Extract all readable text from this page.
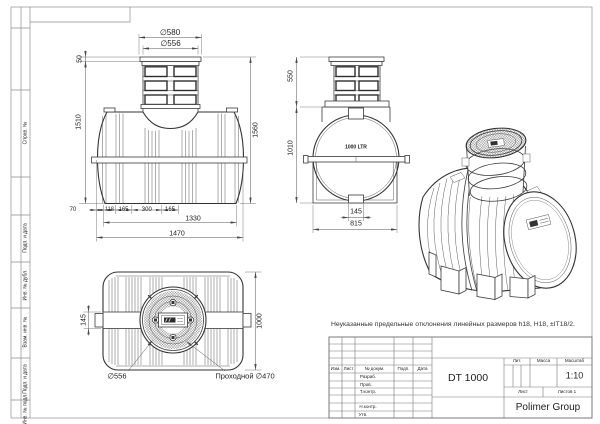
∅580
∅556
50
1510
1560
70	118 165 300 165
1330
1470
550
1010	1000 LTR
145
815
145	1000
∅556	Проходной ∅470
Неуказанные предельные отклонения линейных размеров h18, H18, ±IT18/2.
Изм. Лист № докум.	Подп. Дата
Разраб.
Пров.
Т.контр.
Н.контр.
Утв.
DT 1000
Лит.	Масса	Масштаб
1:10
Лист	Листов 1
Polimer Group
Справ. №
Подп. и дата
Инв. № дубл.
Взам. инв. №
Подп. и дата
Инв. № подл.
